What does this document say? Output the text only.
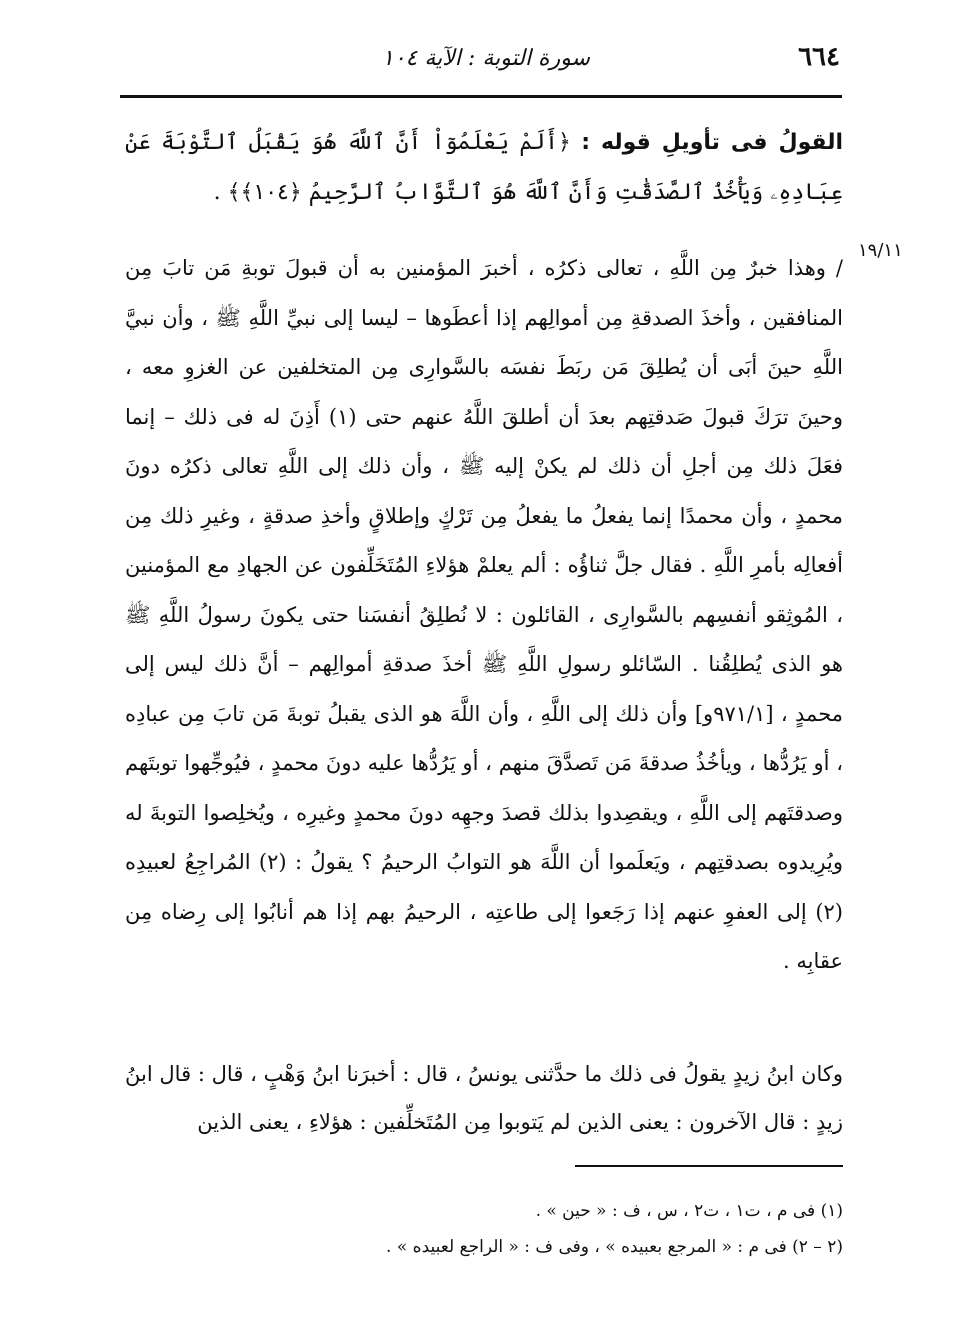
٦٦٤
سورة التوبة : الآية ١٠٤
القولُ فى تأويلِ قوله : ﴿أَلَمْ يَعْلَمُوٓاْ أَنَّ ٱللَّهَ هُوَ يَقْبَلُ ٱلتَّوْبَةَ عَنْ عِبَادِهِۦ وَيَأْخُذُ ٱلصَّدَقَٰتِ وَأَنَّ ٱللَّهَ هُوَ ٱلتَّوَّابُ ٱلرَّحِيمُ ﴿١٠٤﴾﴾ .
١٩/١١

/ وهذا خبرٌ مِن اللَّهِ ، تعالى ذكرُه ، أخبرَ المؤمنين به أن قبولَ توبةِ مَن تابَ مِن المنافقين ، وأخذَ الصدقةِ مِن أموالِهم إذا أعطَوها – ليسا إلى نبيِّ اللَّهِ ﷺ ، وأن نبيَّ اللَّهِ حينَ أبَى أن يُطلِقَ مَن ربَطَ نفسَه بالسَّوارِى مِن المتخلفين عن الغزوِ معه ، وحينَ ترَكَ قبولَ صَدقتِهم بعدَ أن أطلقَ اللَّهُ عنهم حتى (١) أَذِنَ له فى ذلك – إنما فعَلَ ذلك مِن أجلِ أن ذلك لم يكنْ إليه ﷺ ، وأن ذلك إلى اللَّهِ تعالى ذكرُه دونَ محمدٍ ، وأن محمدًا إنما يفعلُ ما يفعلُ مِن تَرْكٍ وإطلاقٍ وأخذِ صدقةٍ ، وغيرِ ذلك مِن أفعالِه بأمرِ اللَّهِ . فقال جلَّ ثناؤُه : ألم يعلمْ هؤلاءِ المُتَخَلِّفون عن الجهادِ مع المؤمنين ، المُوثِقو أنفسِهم بالسَّوارِى ، القائلون : لا نُطلِقُ أنفسَنا حتى يكونَ رسولُ اللَّهِ ﷺ هو الذى يُطلِقُنا . السّائلو رسولِ اللَّهِ ﷺ أخذَ صدقةِ أموالِهم – أنَّ ذلك ليس إلى محمدٍ ، [٩٧١/١و] وأن ذلك إلى اللَّهِ ، وأن اللَّهَ هو الذى يقبلُ توبةَ مَن تابَ مِن عبادِه ، أو يَرُدُّها ، ويأخُذُ صدقةَ مَن تَصدَّقَ منهم ، أو يَرُدُّها عليه دونَ محمدٍ ، فيُوجِّهوا توبتَهم وصدقتَهم إلى اللَّهِ ، ويقصِدوا بذلك قصدَ وجهِه دونَ محمدٍ وغيرِه ، ويُخلِصوا التوبةَ له ويُرِيدوه بصدقتِهم ، ويَعلَموا أن اللَّهَ هو التوابُ الرحيمُ ؟ يقولُ : (٢) المُراجِعُ لعبيدِه (٢) إلى العفوِ عنهم إذا رَجَعوا إلى طاعتِه ، الرحيمُ بهم إذا هم أنابُوا إلى رِضاه مِن عقابِه .

وكان ابنُ زيدٍ يقولُ فى ذلك ما حدَّثنى يونسُ ، قال : أخبرَنا ابنُ وَهْبٍ ، قال : قال ابنُ زيدٍ : قال الآخرون : يعنى الذين لم يَتوبوا مِن المُتَخلِّفين : هؤلاءِ ، يعنى الذين

(١) فى م ، ت١ ، ت٢ ، س ، ف : « حين » .

(٢ – ٢) فى م : « المرجع بعبيده » ، وفى ف : « الراجع لعبيده » .
